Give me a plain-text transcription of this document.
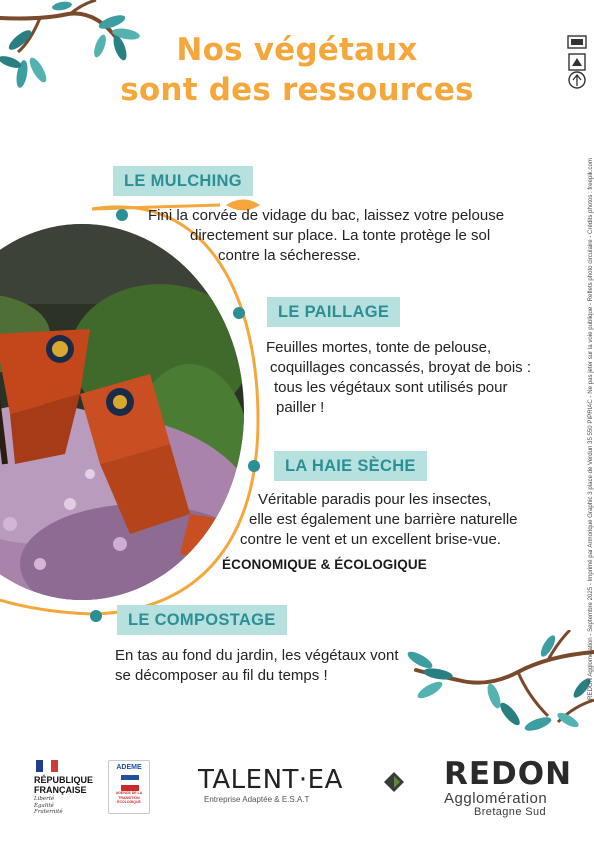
Nos végétaux
sont des ressources
LE MULCHING
Fini la corvée de vidage du bac, laissez votre pelouse
directement sur place. La tonte protège le sol
contre la sécheresse.
LE PAILLAGE
Feuilles mortes, tonte de pelouse,
coquillages concassés, broyat de bois :
tous les végétaux sont utilisés pour
pailler !
LA HAIE SÈCHE
Véritable paradis pour les insectes,
elle est également une barrière naturelle
contre le vent et un excellent brise-vue.
ÉCONOMIQUE & ÉCOLOGIQUE
LE COMPOSTAGE
En tas au fond du jardin, les végétaux vont
se décomposer au fil du temps !	REDON Agglomération - Septembre 2025 - Imprimé par Armorique Graphic 3 place de Verdun 35 550 PIPRIAC - Ne pas jeter sur la voie publique - Reflets photo circulaire - Crédits photos : freepik.com
RÉPUBLIQUE
FRANÇAISE
Liberté
Égalité
Fraternité
ADEME
AGENCE DE LA TRANSITION ÉCOLOGIQUE
TALENT·EA
Entreprise Adaptée & E.S.A.T
REDON
Agglomération
Bretagne Sud
